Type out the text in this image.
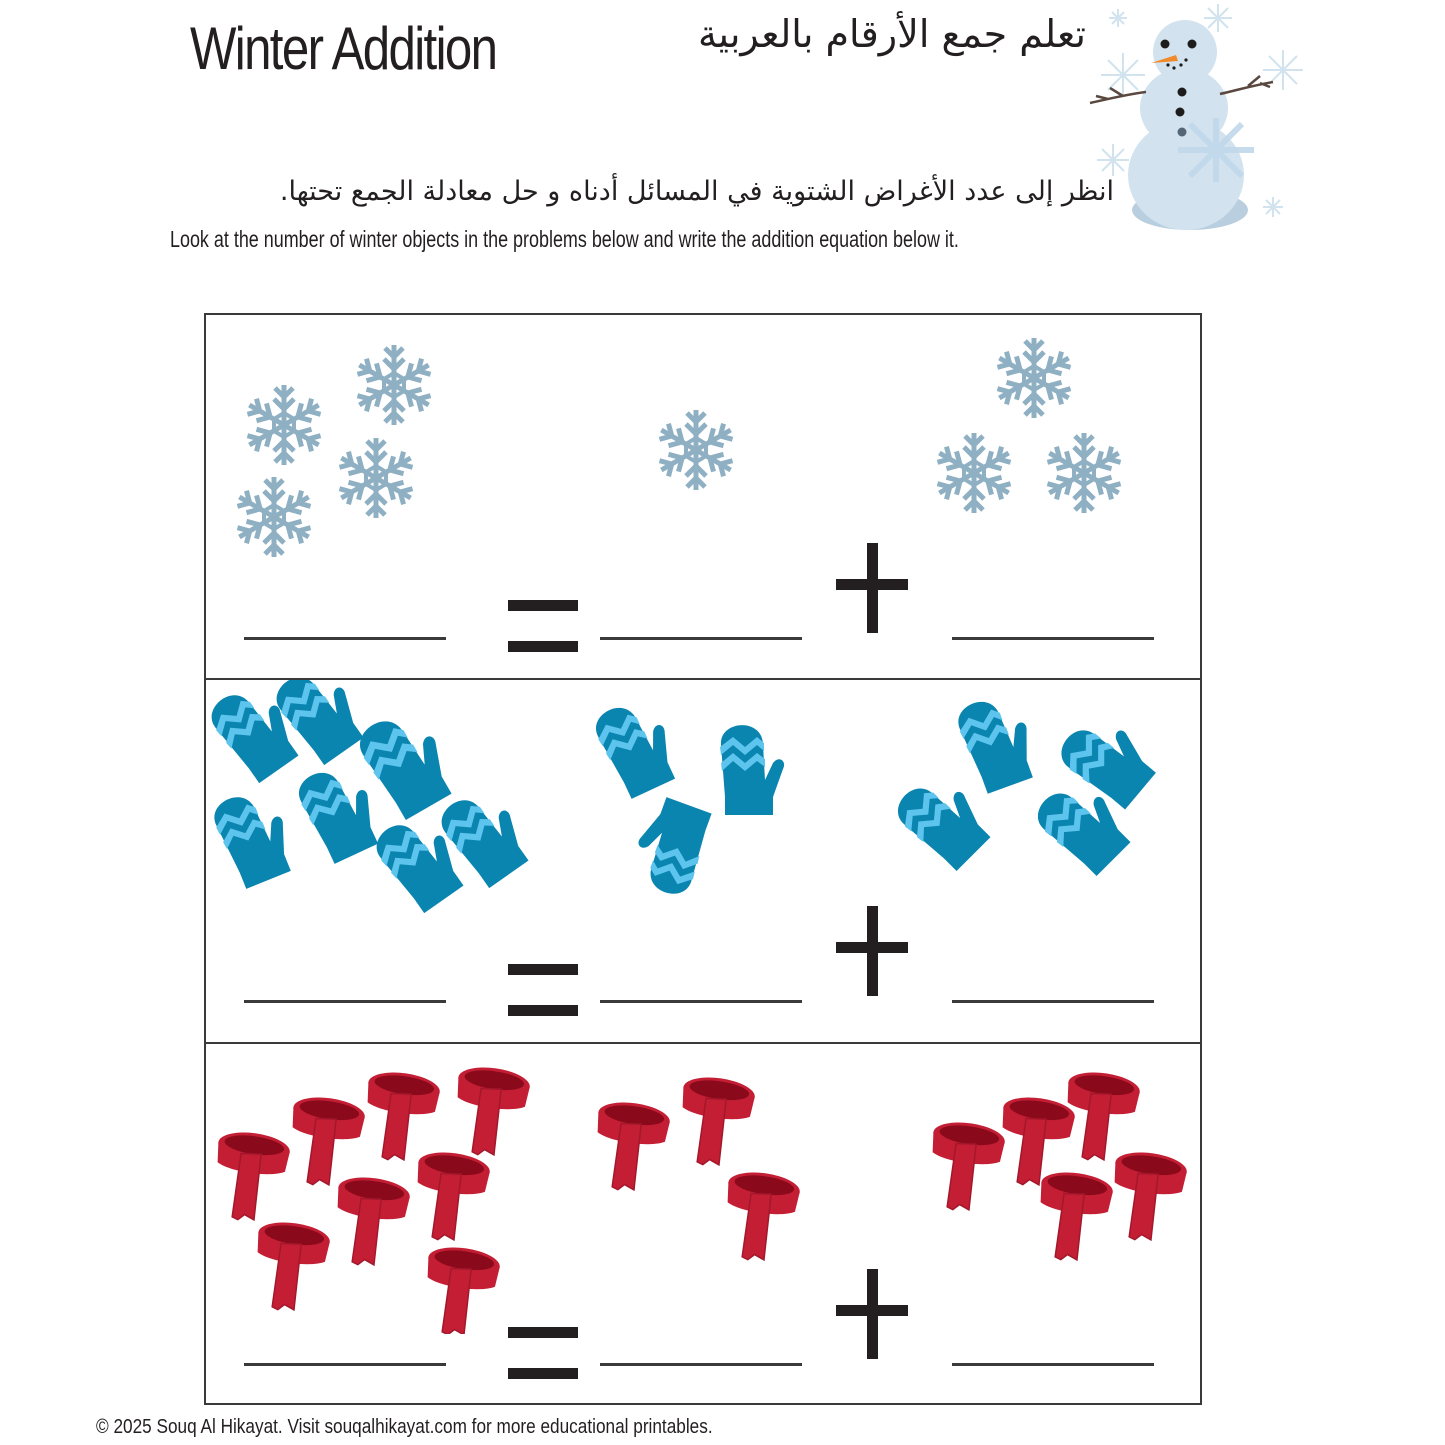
Winter Addition	تعلم جمع الأرقام بالعربية
انظر إلى عدد الأغراض الشتوية في المسائل أدناه و حل معادلة الجمع تحتها.
Look at the number of winter objects in the problems below and write the addition equation below it.
© 2025 Souq Al Hikayat. Visit souqalhikayat.com for more educational printables.
